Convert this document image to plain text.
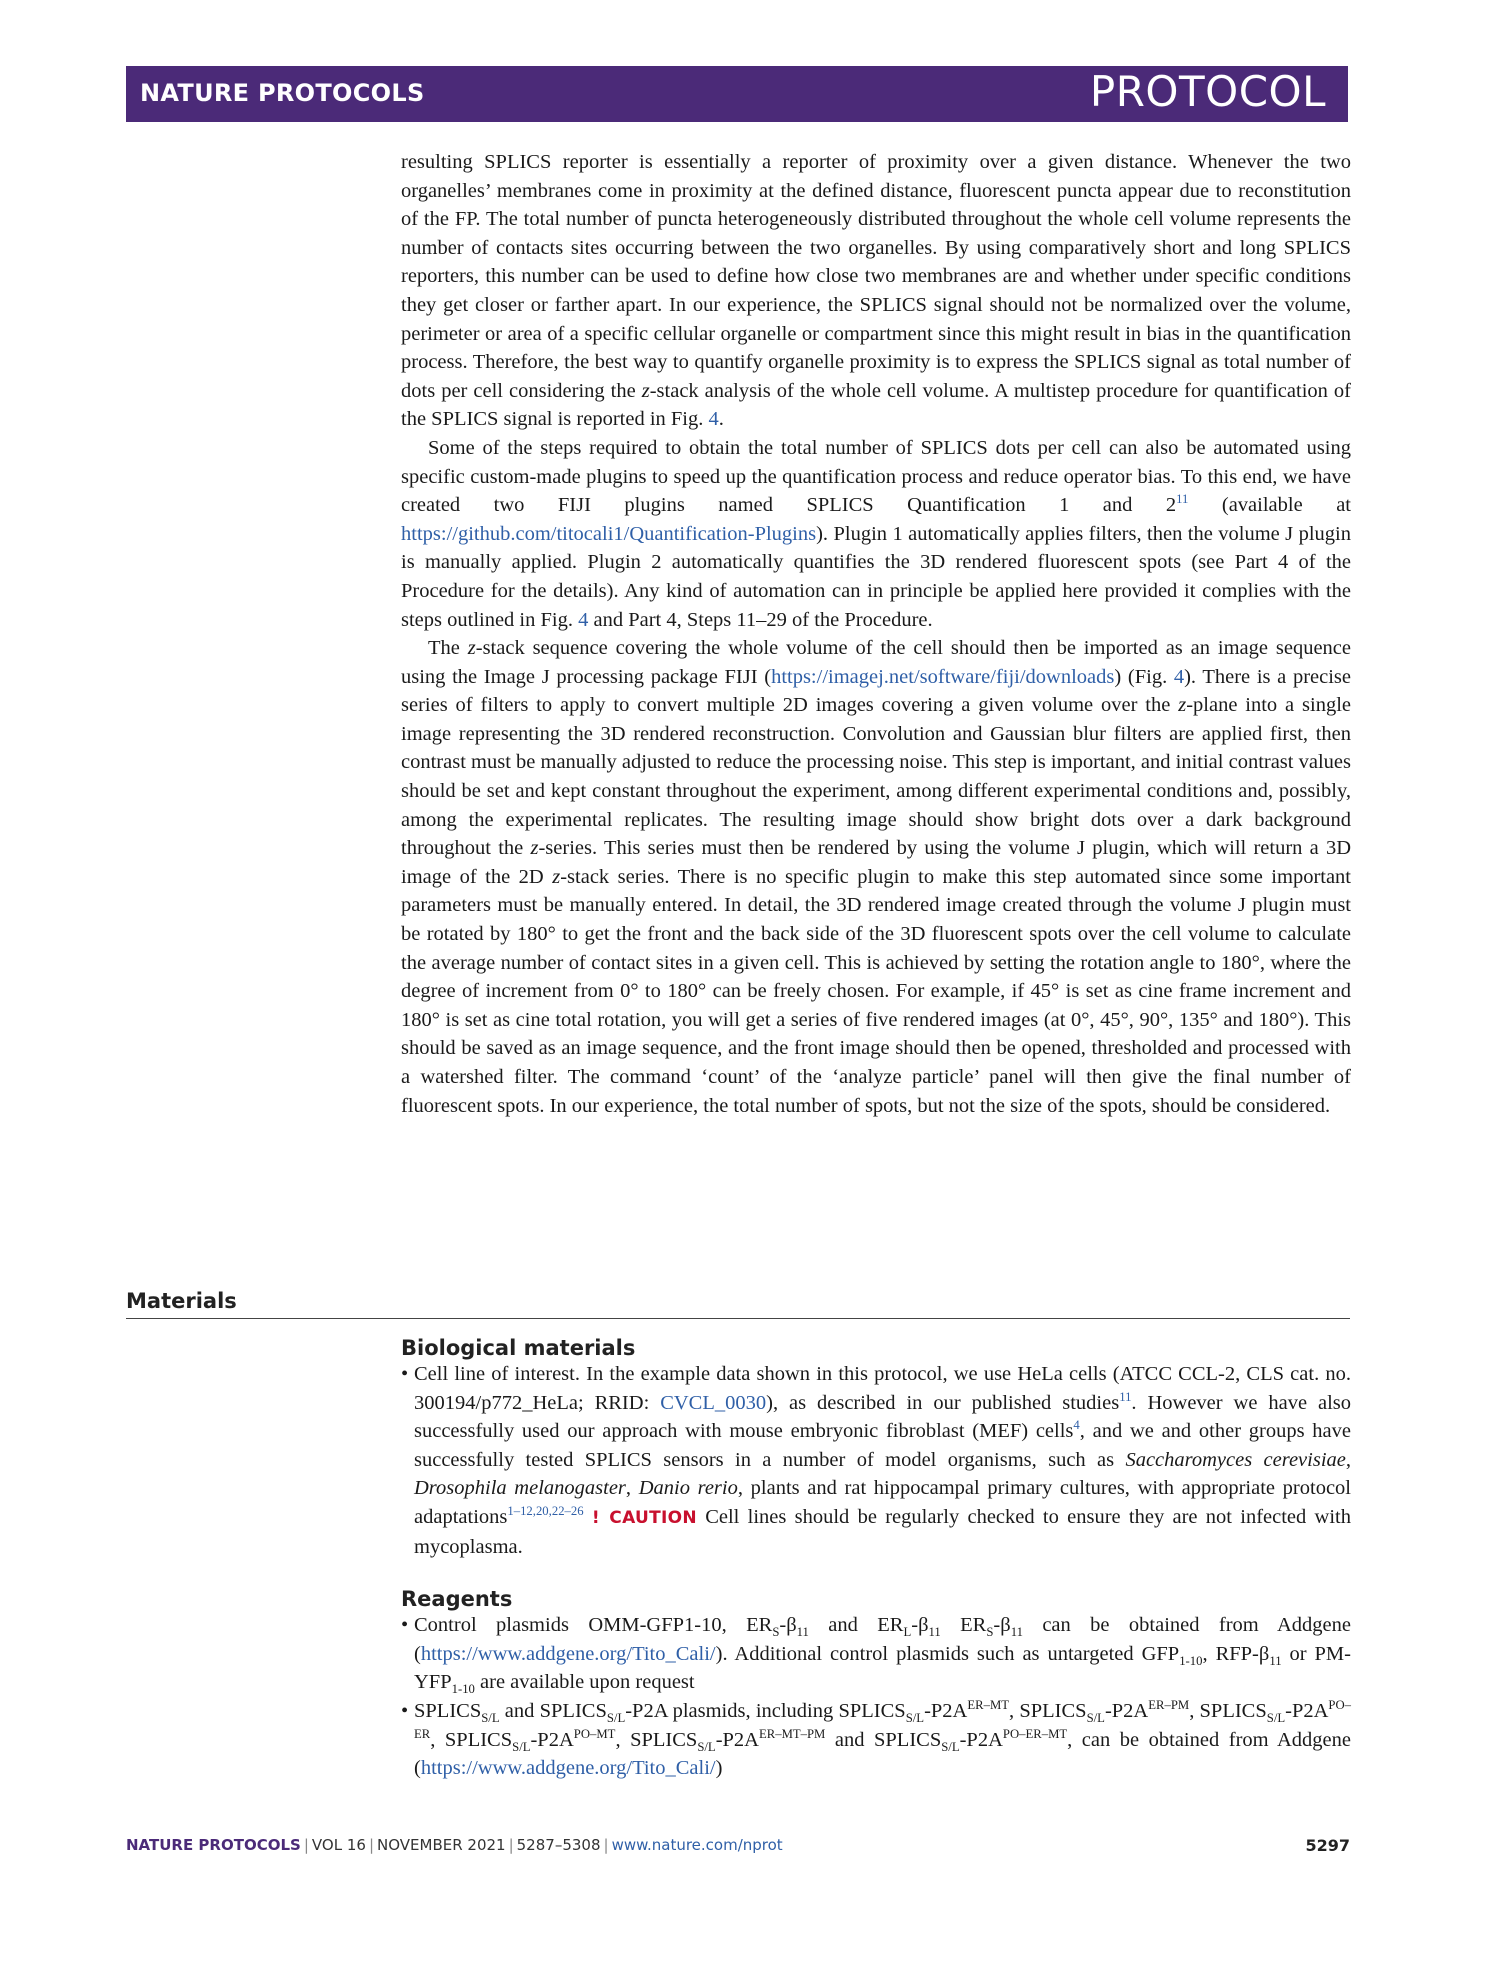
NATURE PROTOCOLS	PROTOCOL

resulting SPLICS reporter is essentially a reporter of proximity over a given distance. Whenever the two organelles’ membranes come in proximity at the defined distance, fluorescent puncta appear due to reconstitution of the FP. The total number of puncta heterogeneously distributed throughout the whole cell volume represents the number of contacts sites occurring between the two organelles. By using comparatively short and long SPLICS reporters, this number can be used to define how close two membranes are and whether under specific conditions they get closer or farther apart. In our experience, the SPLICS signal should not be normalized over the volume, perimeter or area of a specific cellular organelle or compartment since this might result in bias in the quantification process. Therefore, the best way to quantify organelle proximity is to express the SPLICS signal as total number of dots per cell considering the z-stack analysis of the whole cell volume. A multistep procedure for quantification of the SPLICS signal is reported in Fig. 4.

Some of the steps required to obtain the total number of SPLICS dots per cell can also be automated using specific custom-made plugins to speed up the quantification process and reduce operator bias. To this end, we have created two FIJI plugins named SPLICS Quantification 1 and $2^{11}$ (available at https://github.com/titocali1/Quantification-Plugins). Plugin 1 automatically applies filters, then the volume J plugin is manually applied. Plugin 2 automatically quantifies the 3D rendered fluorescent spots (see Part 4 of the Procedure for the details). Any kind of automation can in principle be applied here provided it complies with the steps outlined in Fig. 4 and Part 4, Steps 11–29 of the Procedure.

The z-stack sequence covering the whole volume of the cell should then be imported as an image sequence using the Image J processing package FIJI (https://imagej.net/software/fiji/downloads) (Fig. 4). There is a precise series of filters to apply to convert multiple 2D images covering a given volume over the z-plane into a single image representing the 3D rendered reconstruction. Convolution and Gaussian blur filters are applied first, then contrast must be manually adjusted to reduce the processing noise. This step is important, and initial contrast values should be set and kept constant throughout the experiment, among different experimental conditions and, possibly, among the experimental replicates. The resulting image should show bright dots over a dark background throughout the z-series. This series must then be rendered by using the volume J plugin, which will return a 3D image of the 2D z-stack series. There is no specific plugin to make this step automated since some important parameters must be manually entered. In detail, the 3D rendered image created through the volume J plugin must be rotated by 180° to get the front and the back side of the 3D fluorescent spots over the cell volume to calculate the average number of contact sites in a given cell. This is achieved by setting the rotation angle to 180°, where the degree of increment from 0° to 180° can be freely chosen. For example, if 45° is set as cine frame increment and 180° is set as cine total rotation, you will get a series of five rendered images (at 0°, 45°, 90°, 135° and 180°). This should be saved as an image sequence, and the front image should then be opened, thresholded and processed with a watershed filter. The command ‘count’ of the ‘analyze particle’ panel will then give the final number of fluorescent spots. In our experience, the total number of spots, but not the size of the spots, should be considered.

Materials
Biological materials
• Cell line of interest. In the example data shown in this protocol, we use HeLa cells (ATCC CCL-2, CLS cat. no. 300194/p772_HeLa; RRID: CVCL_0030), as described in our published studies$^{11}$. However we have also successfully used our approach with mouse embryonic fibroblast (MEF) cells$^4$, and we and other groups have successfully tested SPLICS sensors in a number of model organisms, such as Saccharomyces cerevisiae, Drosophila melanogaster, Danio rerio, plants and rat hippocampal primary cultures, with appropriate protocol adaptations$^{1-12,20,22-26}$ ! CAUTION Cell lines should be regularly checked to ensure they are not infected with mycoplasma.
Reagents
• Control plasmids OMM-GFP1-10, $ER_S-\beta_{11}$ and $ER_L-\beta_{11}$ $ER_S-\beta_{11}$ can be obtained from Addgene (https://www.addgene.org/Tito_Cali/). Additional control plasmids such as untargeted $GFP_{1-10}$, RFP-$\beta_{11}$ or $PM-YFP_{1-10}$ are available upon request
• $SPLICS_{S/L}$ and $SPLICS_{S/L}-P2A$ plasmids, including $SPLICS_{S/L}-P2A^{ER-MT}$, $SPLICS_{S/L}-P2A^{ER-PM}$, $SPLICS_{S/L}-P2A^{PO-ER}$, $SPLICS_{S/L}-P2A^{PO-MT}$, $SPLICS_{S/L}-P2A^{ER-MT-PM}$ and $SPLICS_{S/L}-P2A^{PO-ER-MT}$, can be obtained from Addgene (https://www.addgene.org/Tito_Cali/)
NATURE PROTOCOLS | VOL 16 | NOVEMBER 2021 | 5287–5308 | www.nature.com/nprot	5297
